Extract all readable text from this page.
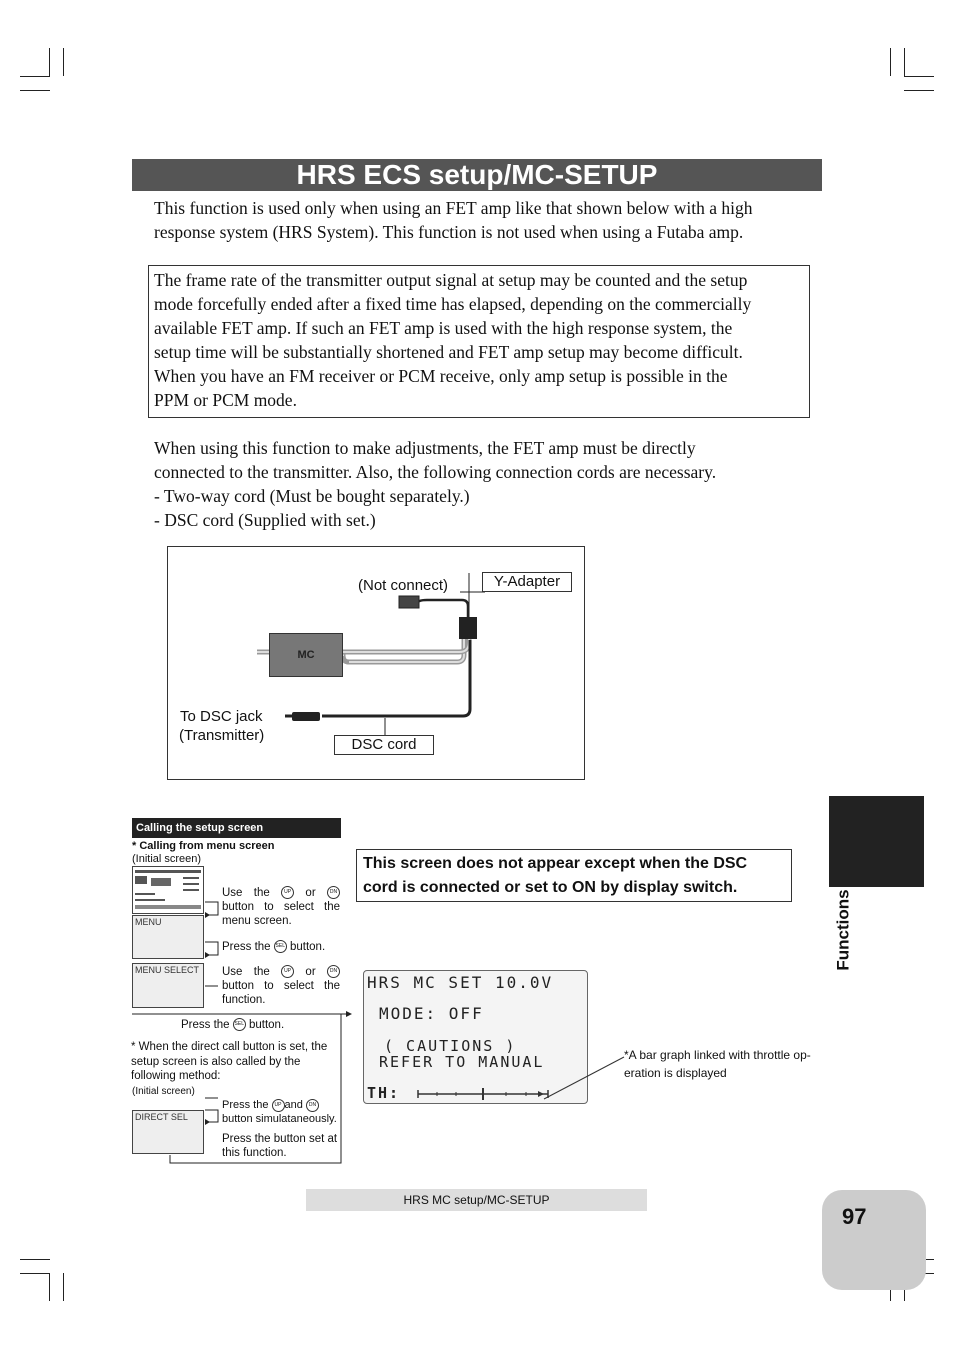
HRS ECS setup/MC-SETUP
This function is used only when using an FET amp like that shown below with a high
response system (HRS System). This function is not used when using a Futaba amp.
The frame rate of the transmitter output signal at setup may be counted and the setup
mode forcefully ended after a fixed time has elapsed, depending on the commercially
available FET amp. If such an FET amp is used with the high response system, the
setup time will be substantially shortened and FET amp setup may become difficult.
When you have an FM receiver or PCM receive, only amp setup is possible in the
PPM or PCM mode.
When using this function to make adjustments, the FET amp must be directly
connected to the transmitter. Also, the following connection cords are necessary.
- Two-way cord (Must be bought separately.)
- DSC cord (Supplied with set.)
(Not connect)	Y-Adapter
MC
To DSC jack
(Transmitter)
DSC cord
Calling the setup screen
* Calling from menu screen
(Initial screen)
MENU
MENU SELECT
DIRECT SEL
Use the	UP or	DN button to select the menu screen.
Press the SEL button.
Use the	UP or	DN button to select the function.
Press the SEL button.
* When the direct call button is set, the setup screen is also called by the following method:
(Initial screen)
Press the UP and DN button simulataneously.
Press the button set at this function.
This screen does not appear except when the DSC
cord is connected or set to ON by display switch.
HRS MC SET 10.0V
MODE: OFF
( CAUTIONS )
REFER TO MANUAL
TH:
*A bar graph linked with throttle op-
eration is displayed
Functions
HRS MC setup/MC-SETUP
97
